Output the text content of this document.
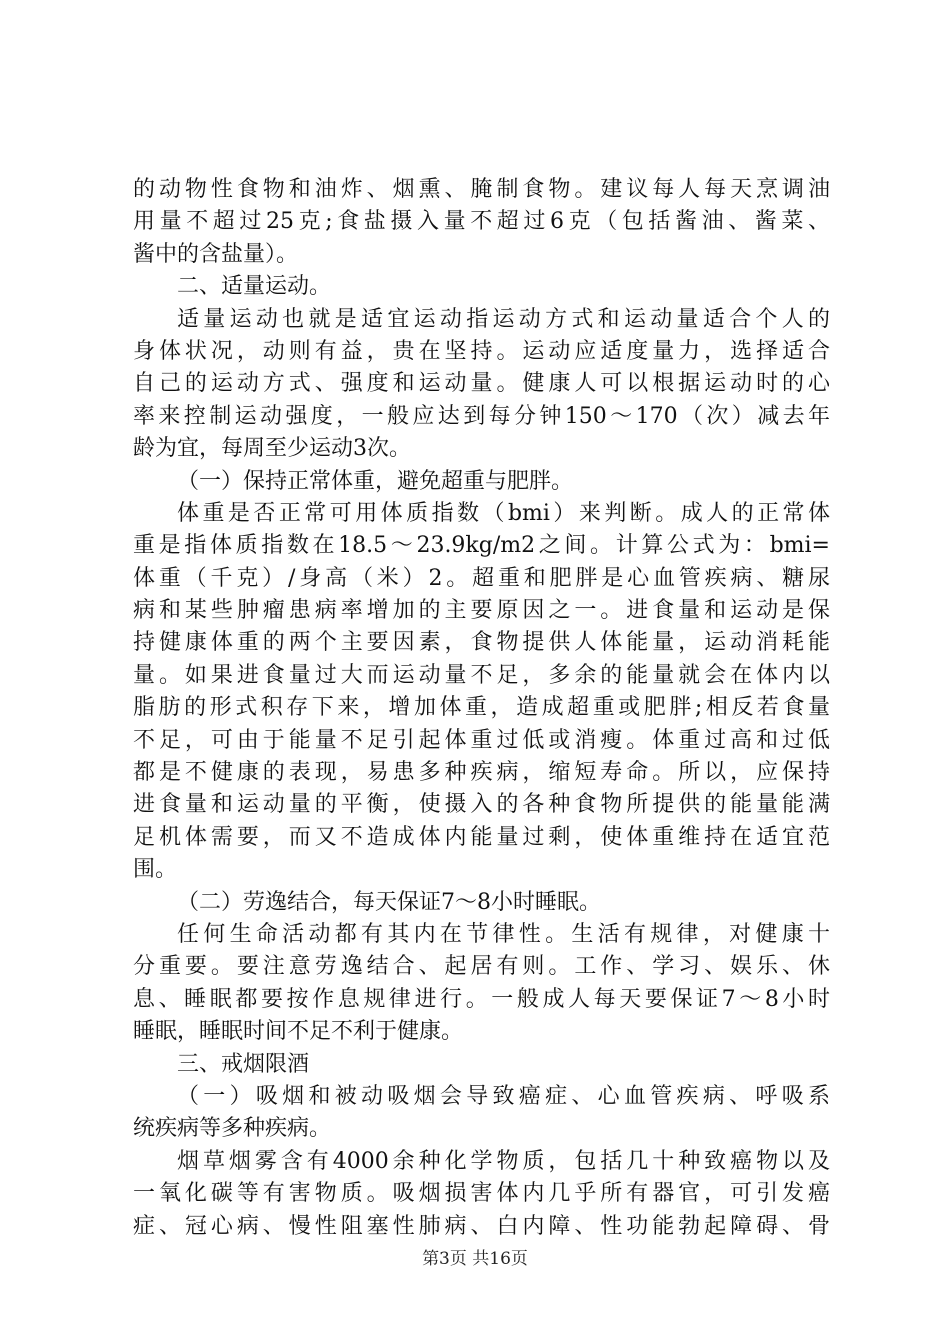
的动物性食物和油炸、烟熏、腌制食物。建议每人每天烹调油
用量不超过25克;食盐摄入量不超过6克（包括酱油、酱菜、
酱中的含盐量）。
二、适量运动。
适量运动也就是适宜运动指运动方式和运动量适合个人的
身体状况，动则有益，贵在坚持。运动应适度量力，选择适合
自己的运动方式、强度和运动量。健康人可以根据运动时的心
率来控制运动强度，一般应达到每分钟150～170（次）减去年
龄为宜，每周至少运动3次。
（一）保持正常体重，避免超重与肥胖。
体重是否正常可用体质指数（bmi）来判断。成人的正常体
重是指体质指数在18.5～23.9kg/m2之间。计算公式为：bmi=
体重（千克）/身高（米）2。超重和肥胖是心血管疾病、糖尿
病和某些肿瘤患病率增加的主要原因之一。进食量和运动是保
持健康体重的两个主要因素，食物提供人体能量，运动消耗能
量。如果进食量过大而运动量不足，多余的能量就会在体内以
脂肪的形式积存下来，增加体重，造成超重或肥胖;相反若食量
不足，可由于能量不足引起体重过低或消瘦。体重过高和过低
都是不健康的表现，易患多种疾病，缩短寿命。所以，应保持
进食量和运动量的平衡，使摄入的各种食物所提供的能量能满
足机体需要，而又不造成体内能量过剩，使体重维持在适宜范
围。
（二）劳逸结合，每天保证7～8小时睡眠。
任何生命活动都有其内在节律性。生活有规律，对健康十
分重要。要注意劳逸结合、起居有则。工作、学习、娱乐、休
息、睡眠都要按作息规律进行。一般成人每天要保证7～8小时
睡眠，睡眠时间不足不利于健康。
三、戒烟限酒
（一）吸烟和被动吸烟会导致癌症、心血管疾病、呼吸系
统疾病等多种疾病。
烟草烟雾含有4000余种化学物质，包括几十种致癌物以及
一氧化碳等有害物质。吸烟损害体内几乎所有器官，可引发癌
症、冠心病、慢性阻塞性肺病、白内障、性功能勃起障碍、骨
第3页 共16页
